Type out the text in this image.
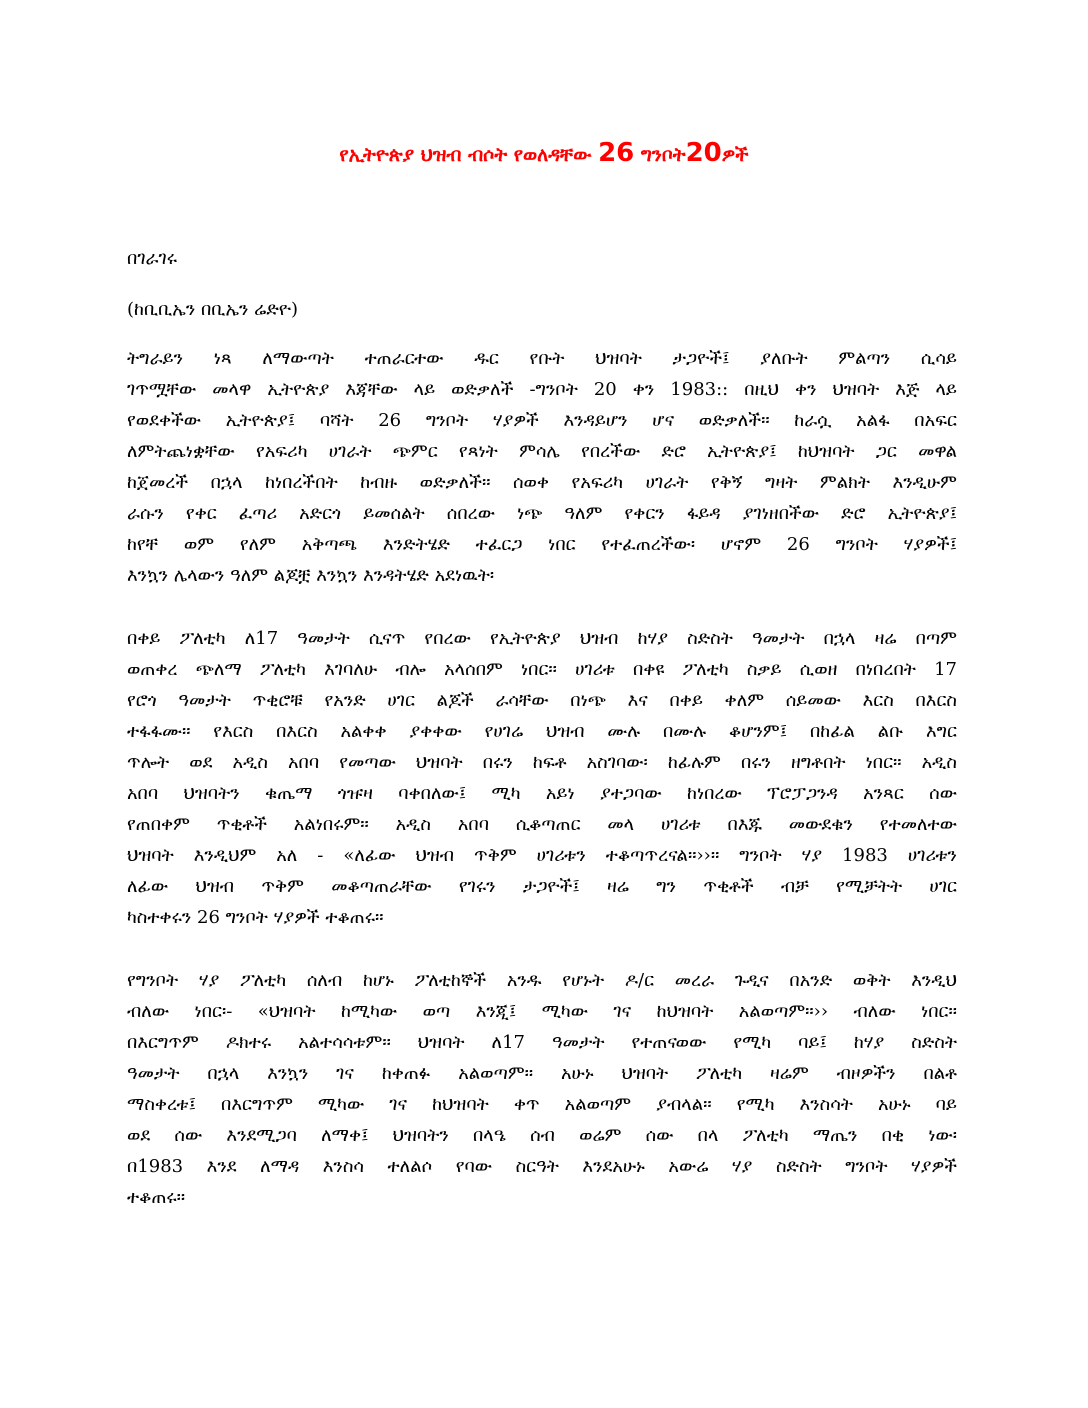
የኢትዮጵያ ህዝብ ብሶት የወለዳቸው 26 ግንቦት20ዎች
በገራገሩ
(ከቢቢኤን በቢኤን ሬድዮ)
ትግራይን ነጻ ለማውጣት ተጠራርተው ዱር የቡት ህዝባት ታጋዮች፤ ያለቡት ምልጣን ሲሳይ
ገጥሟቸው መላዋ ኢትዮጵያ እጃቸው ላይ ወድቃለች -ግንቦት 20 ቀን 1983:: በዚህ ቀን ህዝባት እጅ ላይ
የወደቀችው ኢትዮጵያ፤ ባሻት 26 ግንቦት ሃያዎች እንዳይሆን ሆና ወድቃለች፡፡ ከራሷ አልፋ በአፍር
ለምትጨነቋቸው የአፍሪካ ሀገራት ጭምር የጻነት ምሳሌ የበረችው ድሮ ኢትዮጵያ፤ ከህዝባት ጋር መዋል
ከጀመረች በኋላ ከነበረችበት ከብዙ ወድቃለች፡፡ ሰወቀ የአፍሪካ ሀገራት የቅኝ ግዛት ምልክት እንዲሁም
ራሱን የቀር ፈጣሪ አድርጎ ይመሰልት ሰበረው ነጭ ዓለም የቀርን ፋይዳ ያገነዘበችው ድሮ ኢትዮጵያ፤
ከየቸ ወም የለም አቅጣጫ እንድትሄድ ተፈርጋ ነበር የተፈጠረችው፡ ሆኖም 26 ግንቦት ሃያዎች፤
እንኳን ሌላውን ዓለም ልጆቿ እንኳን እንዳትሄድ አደነዉት፡
በቀይ ፖለቲካ ለ17 ዓመታት ሲናጥ የበረው የኢትዮጵያ ህዝብ ከሃያ ስድስት ዓመታት በኋላ ዛሬ በጣም
ወጠቀረ ጭለማ ፖለቲካ እገባለሁ ብሎ አላሰበም ነበር፡፡ ሀገሪቱ በቀዩ ፖለቲካ ስቃይ ሲወዘ በነበረበት 17
የሮጎ ዓመታት ጥቂሮቹ የአንድ ሀገር ልጆች ራሳቸው በነጭ እና በቀይ ቀለም ሰይመው እርስ በእርስ
ተፋፋሙ፡፡ የእርስ በእርስ አልቀቀ ያቀቀው የሀገሬ ህዝብ ሙሉ በሙሉ ቆሆንም፤ በከፊል ልቡ እግር
ጥሎት ወደ አዲስ አበባ የመጣው ህዝባት በሩን ከፍቶ አስገባው፡ ከፊሉም በሩን ዘግቶበት ነበር፡፡ አዲስ
አበባ ህዝባትን ቁጤማ ጎዡዛ ባቀበለው፤ ሚካ አይነ ያተጋባው ከነበረው ፕሮፓጋንዳ አንጻር ሰው
የጠበቀም ጥቂቶች አልነበሩም፡፡ አዲስ አበባ ሲቆጣጠር መላ ሀገሪቱ በእጁ መውደቁን የተመለተው
ህዝባት እንዲህም አለ - «ለፊው ህዝብ ጥቅም ሀገሪቱን ተቆጣጥረናል፡፡››፡፡ ግንቦት ሃያ 1983 ሀገሪቱን
ለፊው ህዝብ ጥቅም መቆጣጠራቸው የገሩን ታጋዮች፤ ዛሬ ግን ጥቂቶች ብቻ የሚቻትት ሀገር
ካስተቀሩን 26 ግንቦት ሃያዎች ተቆጠሩ፡፡
የግንቦት ሃያ ፖለቲካ ሰለብ ከሆኑ ፖለቲከኞች አንዱ የሆኑት ዶ/ር መረራ ጉዲና በአንድ ወቅት እንዲህ
ብለው ነበር፡- «ህዝባት ከሚካው ወጣ እንጂ፤ ሚካው ገና ከህዝባት አልወጣም፡፡›› ብለው ነበር፡፡
በእርግጥም ዶክተሩ አልተሳሳቱም፡፡ ህዝባት ለ17 ዓመታት የተጠናወው የሚካ ባይ፤ ከሃያ ስድስት
ዓመታት በኋላ እንኳን ገና ከቀጠፉ አልወጣም፡፡ አሁኑ ህዝባት ፖለቲካ ዛሬም ብዞዎችን በልቶ
ማስቀረቱ፤ በእርግጥም ሚካው ገና ከህዝባት ቀጥ አልወጣም ያብላል፡፡ የሚካ እንስሳት አሁኑ ባይ
ወደ ሰው እንደሚጋባ ለማቀ፤ ህዝባትን በላዔ ሰብ ወሬም ሰው በላ ፖለቲካ ማጤን በቂ ነው፡
በ1983 እንደ ለማዳ እንስሳ ተለልሶ የባው ስርዓት እንደአሁኑ አውሬ ሃያ ስድስት ግንቦት ሃያዎች
ተቆጠሩ፡፡
